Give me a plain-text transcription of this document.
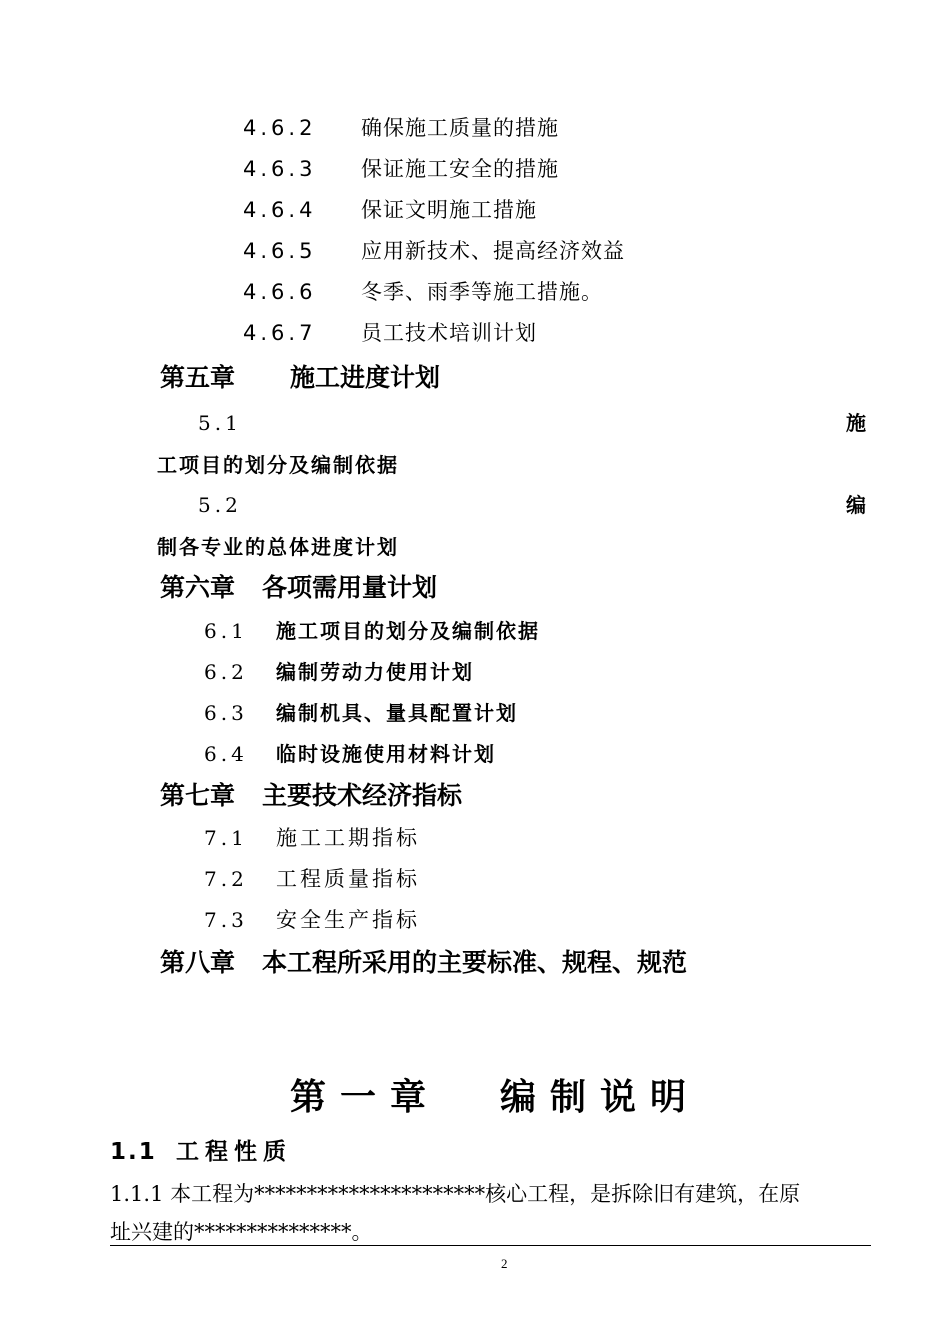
4.6.2 确保施工质量的措施
4.6.3 保证施工安全的措施
4.6.4 保证文明施工措施
4.6.5 应用新技术、提高经济效益
4.6.6 冬季、雨季等施工措施。
4.6.7 员工技术培训计划
第五章 施工进度计划
5.1	施
工项目的划分及编制依据
5.2	编
制各专业的总体进度计划
第六章 各项需用量计划
6.1 施工项目的划分及编制依据
6.2 编制劳动力使用计划
6.3 编制机具、量具配置计划
6.4 临时设施使用材料计划
第七章 主要技术经济指标
7.1 施工工期指标
7.2 工程质量指标
7.3 安全生产指标
第八章 本工程所采用的主要标准、规程、规范
第一章 编制说明
1.1 工程性质
1.1.1 本工程为**********************核心工程，是拆除旧有建筑，在原
址兴建的***************。
2
